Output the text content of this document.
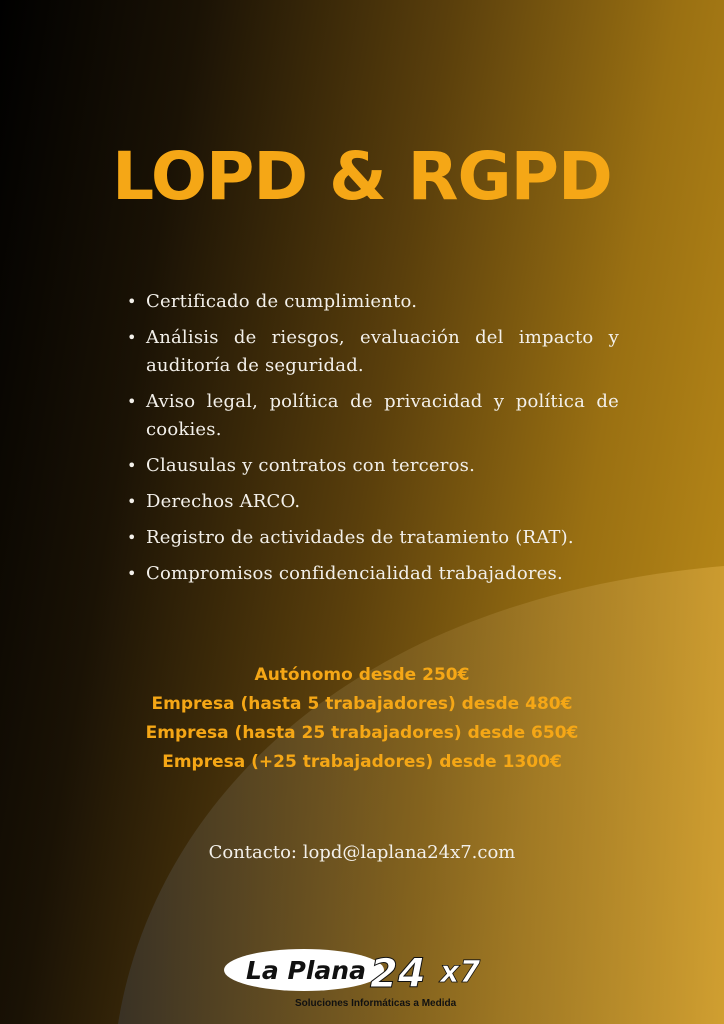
LOPD & RGPD
• Certificado de cumplimiento.
• Análisis de riesgos, evaluación del impacto y auditoría de seguridad.
• Aviso legal, política de privacidad y política de cookies.
• Clausulas y contratos con terceros.
• Derechos ARCO.
• Registro de actividades de tratamiento (RAT).
• Compromisos confidencialidad trabajadores.
Autónomo desde 250€
Empresa (hasta 5 trabajadores) desde 480€
Empresa (hasta 25 trabajadores) desde 650€
Empresa (+25 trabajadores) desde 1300€
Contacto: lopd@laplana24x7.com
La Plana 24 x7
Soluciones Informáticas a Medida
